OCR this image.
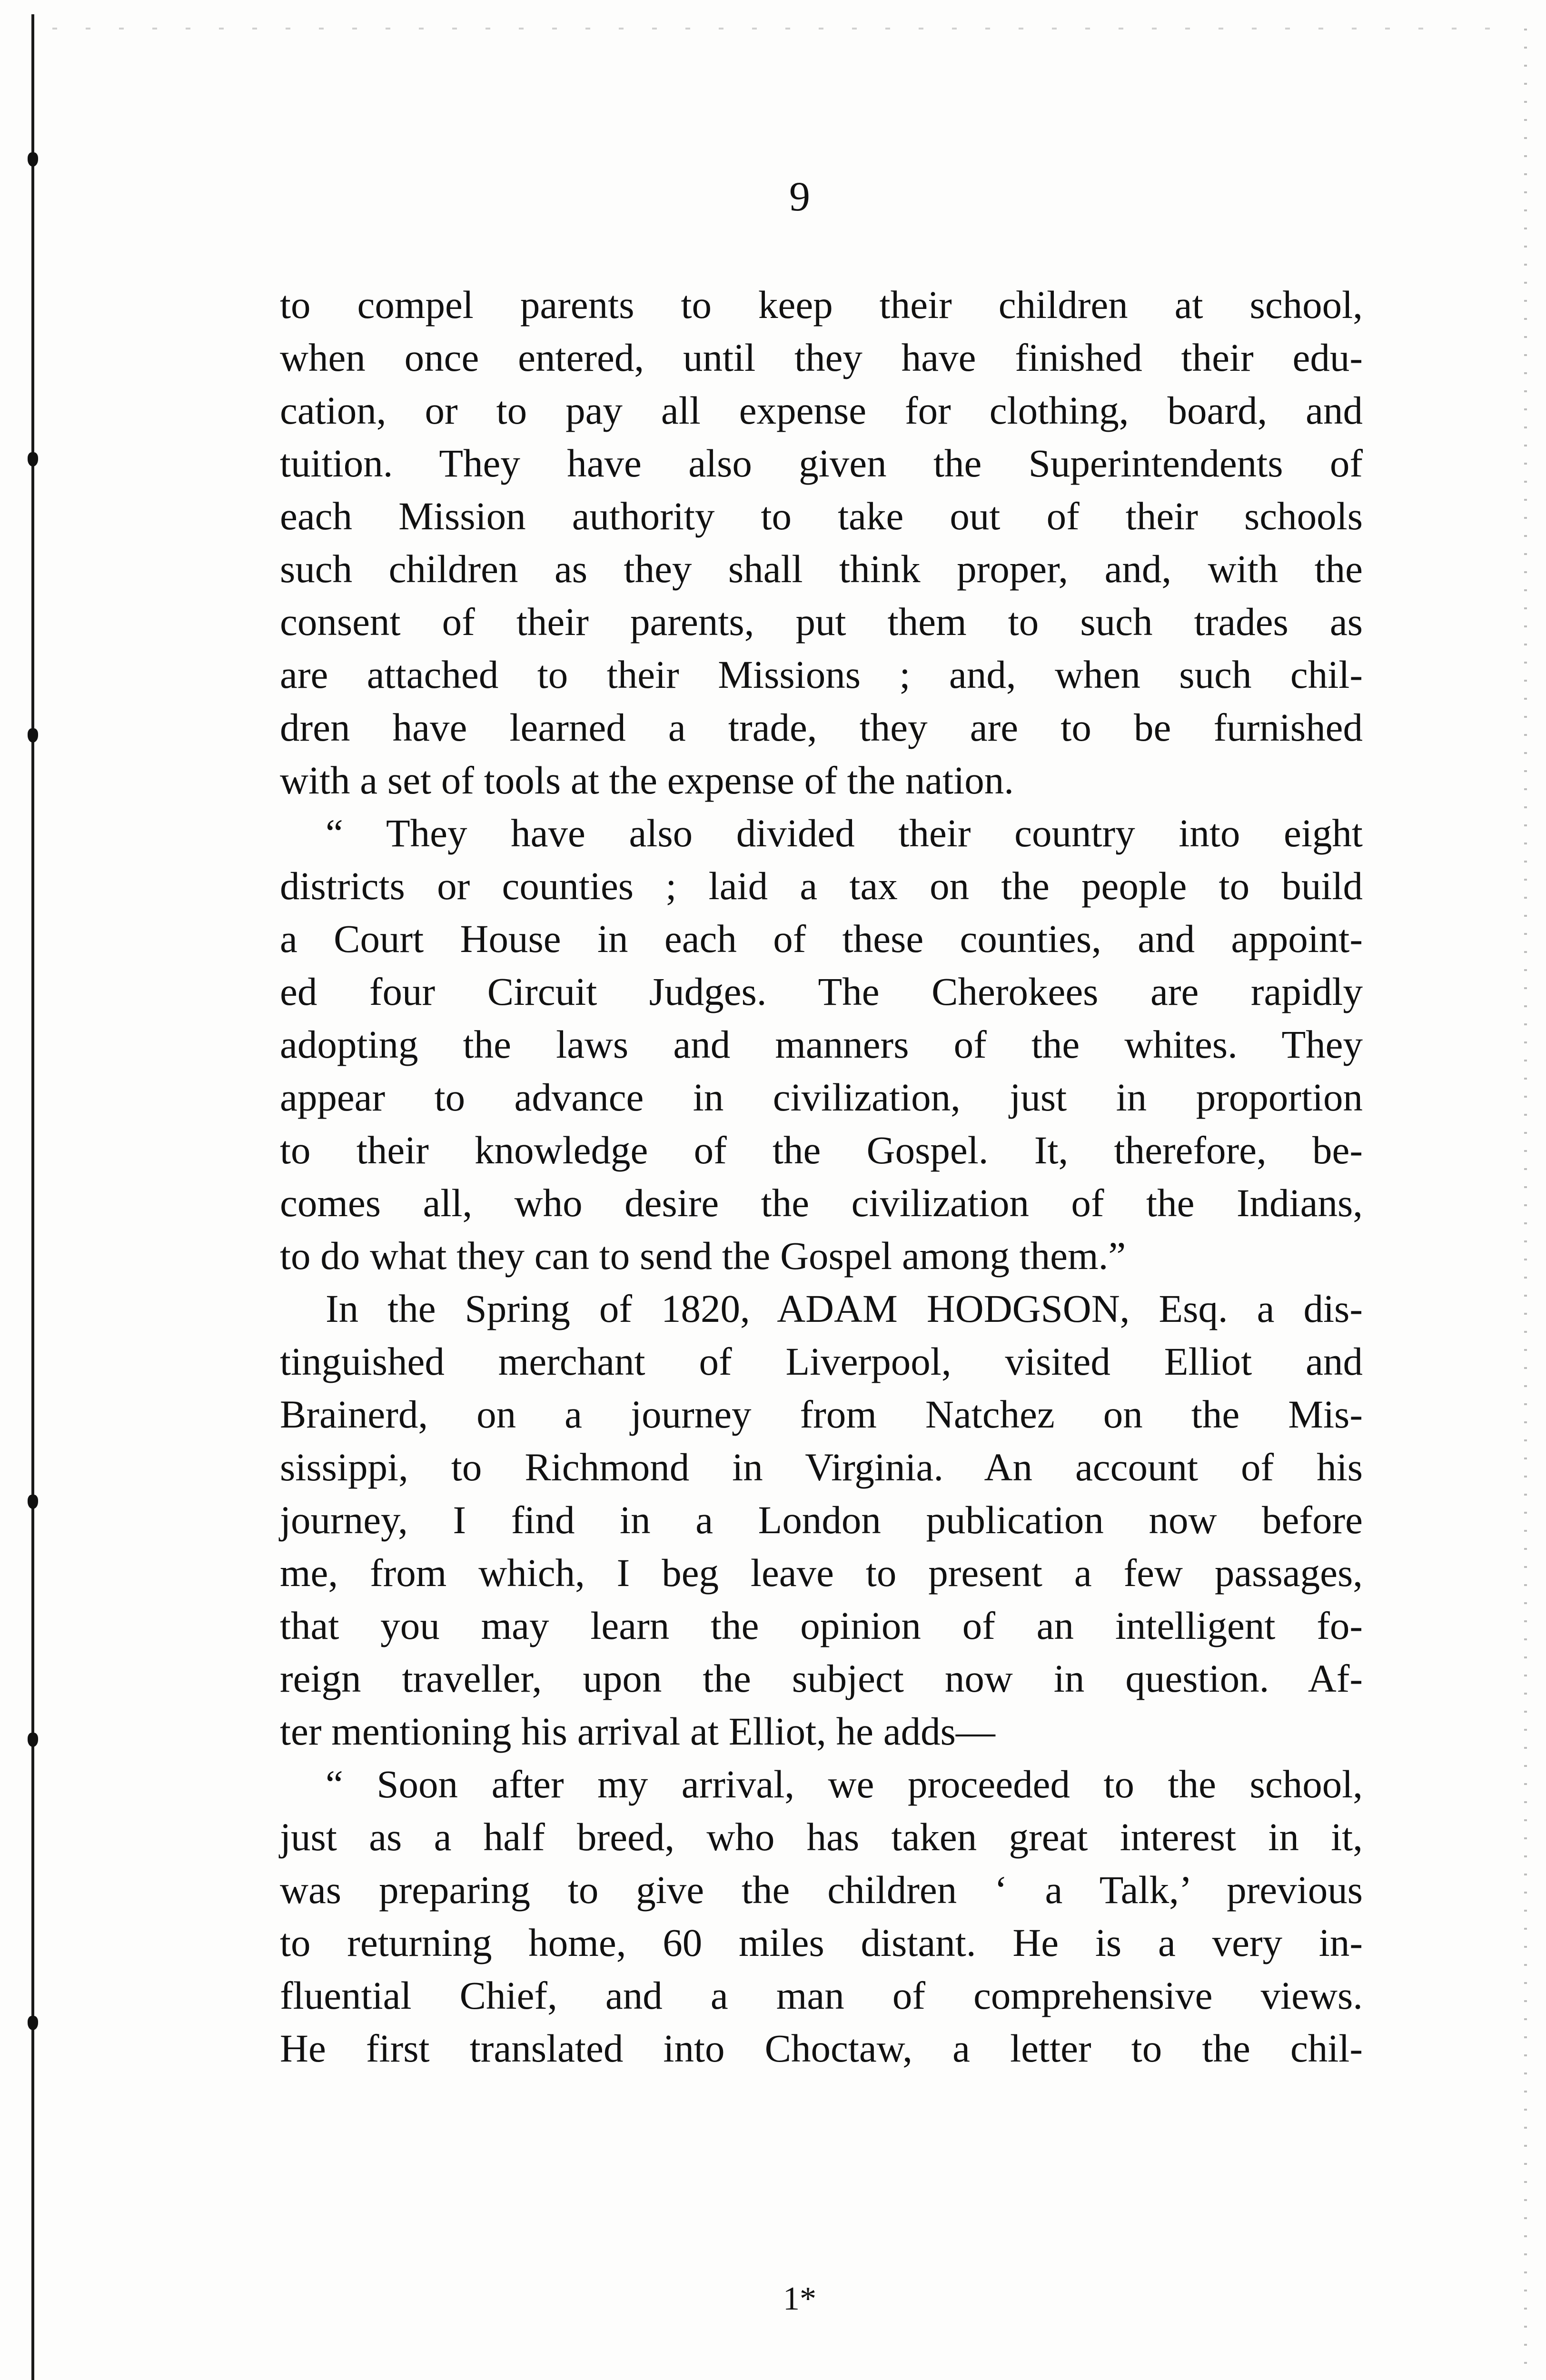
9
to compel parents to keep their children at school,
when once entered, until they have finished their edu-
cation, or to pay all expense for clothing, board, and
tuition. They have also given the Superintendents of
each Mission authority to take out of their schools
such children as they shall think proper, and, with the
consent of their parents, put them to such trades as
are attached to their Missions ; and, when such chil-
dren have learned a trade, they are to be furnished
with a set of tools at the expense of the nation.
“ They have also divided their country into eight
districts or counties ; laid a tax on the people to build
a Court House in each of these counties, and appoint-
ed four Circuit Judges. The Cherokees are rapidly
adopting the laws and manners of the whites. They
appear to advance in civilization, just in proportion
to their knowledge of the Gospel. It, therefore, be-
comes all, who desire the civilization of the Indians,
to do what they can to send the Gospel among them.”
In the Spring of 1820, ADAM HODGSON, Esq. a dis-
tinguished merchant of Liverpool, visited Elliot and
Brainerd, on a journey from Natchez on the Mis-
sissippi, to Richmond in Virginia. An account of his
journey, I find in a London publication now before
me, from which, I beg leave to present a few passages,
that you may learn the opinion of an intelligent fo-
reign traveller, upon the subject now in question. Af-
ter mentioning his arrival at Elliot, he adds—
“ Soon after my arrival, we proceeded to the school,
just as a half breed, who has taken great interest in it,
was preparing to give the children ‘ a Talk,’ previous
to returning home, 60 miles distant. He is a very in-
fluential Chief, and a man of comprehensive views.
He first translated into Choctaw, a letter to the chil-
1*
